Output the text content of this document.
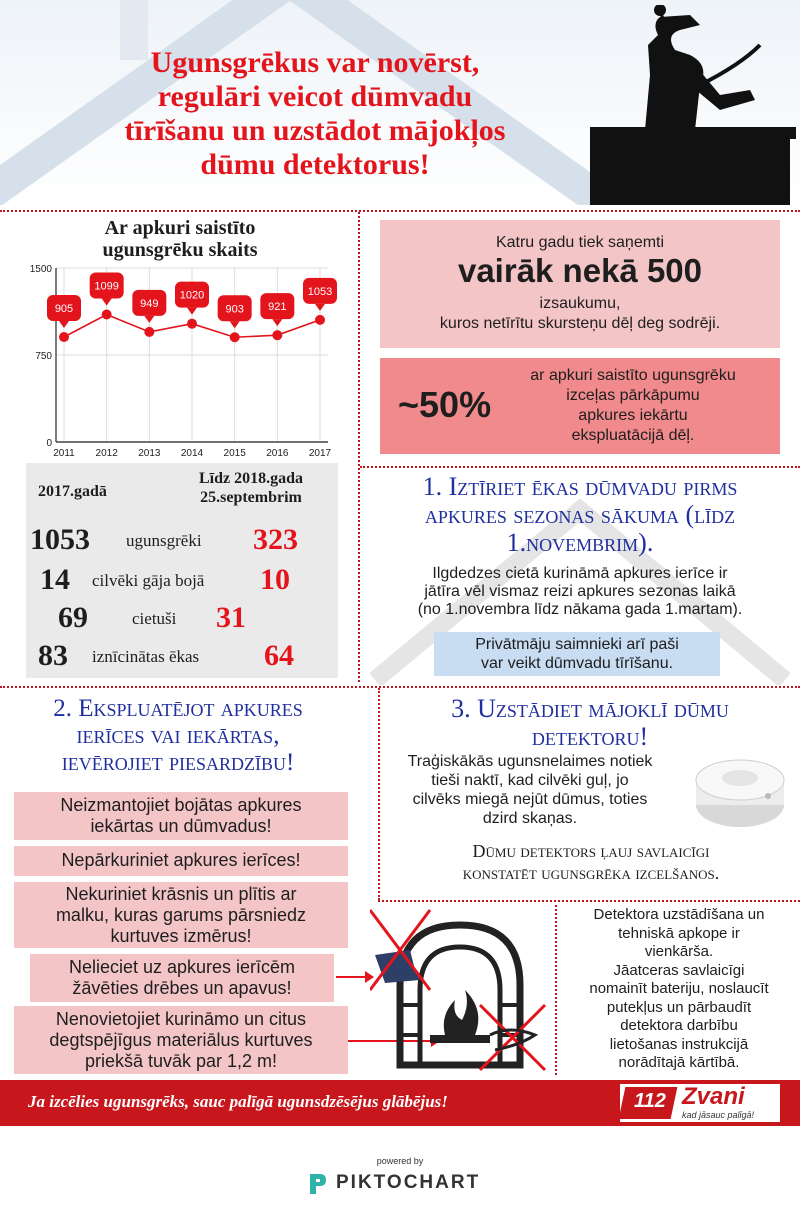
Ugunsgrēkus var novērst,
regulāri veicot dūmvadu
tīrīšanu un uzstādot mājokļos
dūmu detektorus!
Ar apkuri saistīto ugunsgrēku skaits
0
750
1500
2011 2012 2013 2014 2015 2016 2017
905
1099
949
1020
903 921
1053
2017.gadā
Līdz 2018.gada
25.septembrim
1053 ugunsgrēki 323
14 cilvēki gāja bojā 10
69	cietuši 31
83 iznīcinātas ēkas 64
Katru gadu tiek saņemti
vairāk nekā 500
izsaukumu,
kuros netīrītu skursteņu dēļ deg sodrēji.
~50%
ar apkuri saistīto ugunsgrēku
izceļas pārkāpumu
apkures iekārtu
ekspluatācijā dēļ.
1. Iztīriet ēkas dūmvadu pirms
apkures sezonas sākuma (līdz
1.novembrim).
Ilgdedzes cietā kurināmā apkures ierīce ir
jātīra vēl vismaz reizi apkures sezonas laikā
(no 1.novembra līdz nākama gada 1.martam).
Privātmāju saimnieki arī paši
var veikt dūmvadu tīrīšanu.
2. Ekspluatējot apkures
ierīces vai iekārtas,
ievērojiet piesardzību!
Neizmantojiet bojātas apkures
iekārtas un dūmvadus!
Nepārkuriniet apkures ierīces!
Nekuriniet krāsnis un plītis ar
malku, kuras garums pārsniedz
kurtuves izmērus!
Nelieciet uz apkures ierīcēm
žāvēties drēbes un apavus!
Nenovietojiet kurināmo un citus
degtspējīgus materiālus kurtuves
priekšā tuvāk par 1,2 m!
3. Uzstādiet mājoklī dūmu
detektoru!
Traģiskākās ugunsnelaimes notiek
tieši naktī, kad cilvēki guļ, jo
cilvēks miegā nejūt dūmus, toties
dzird skaņas.
Dūmu detektors ļauj savlaicīgi
konstatēt ugunsgrēka izcelšanos.
Detektora uzstādīšana un
tehniskā apkope ir
vienkārša.
Jāatceras savlaicīgi
nomainīt bateriju, noslaucīt
putekļus un pārbaudīt
detektora darbību
lietošanas instrukcijā
norādītajā kārtībā.
Ja izcēlies ugunsgrēks, sauc palīgā ugunsdzēsējus glābējus!	112 Zvani
kad jāsauc palīgā!
powered by
PIKTOCHART
